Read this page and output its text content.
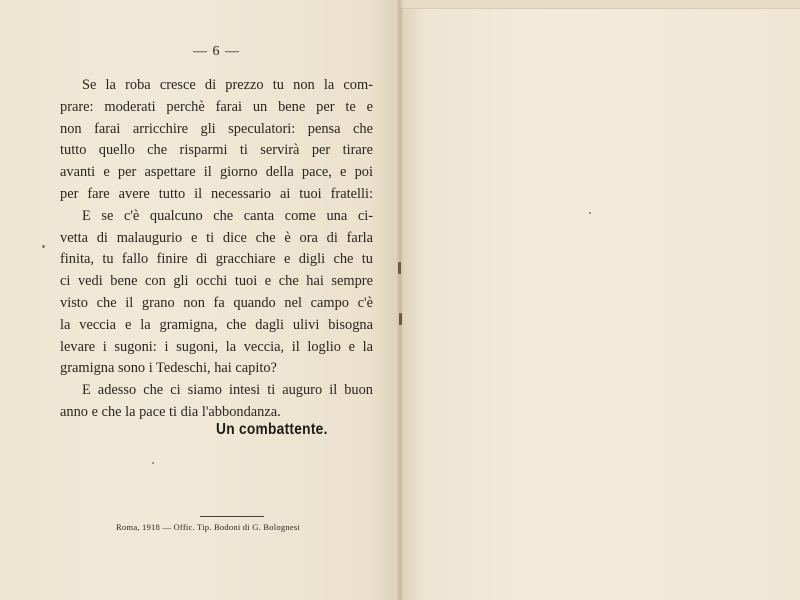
— 6 —
Se la roba cresce di prezzo tu non la com-
prare: moderati perchè farai un bene per te e
non farai arricchire gli speculatori: pensa che
tutto quello che risparmi ti servirà per tirare
avanti e per aspettare il giorno della pace, e poi
per fare avere tutto il necessario ai tuoi fratelli:
E se c'è qualcuno che canta come una ci-
vetta di malaugurio e ti dice che è ora di farla
finita, tu fallo finire di gracchiare e digli che tu
ci vedi bene con gli occhi tuoi e che hai sempre
visto che il grano non fa quando nel campo c'è
la veccia e la gramigna, che dagli ulivi bisogna
levare i sugoni: i sugoni, la veccia, il loglio e la
gramigna sono i Tedeschi, hai capito?
E adesso che ci siamo intesi ti auguro il buon
anno e che la pace ti dia l'abbondanza.
Un combattente.
Roma, 1918 — Offic. Tip. Bodoni di G. Bolognesi
